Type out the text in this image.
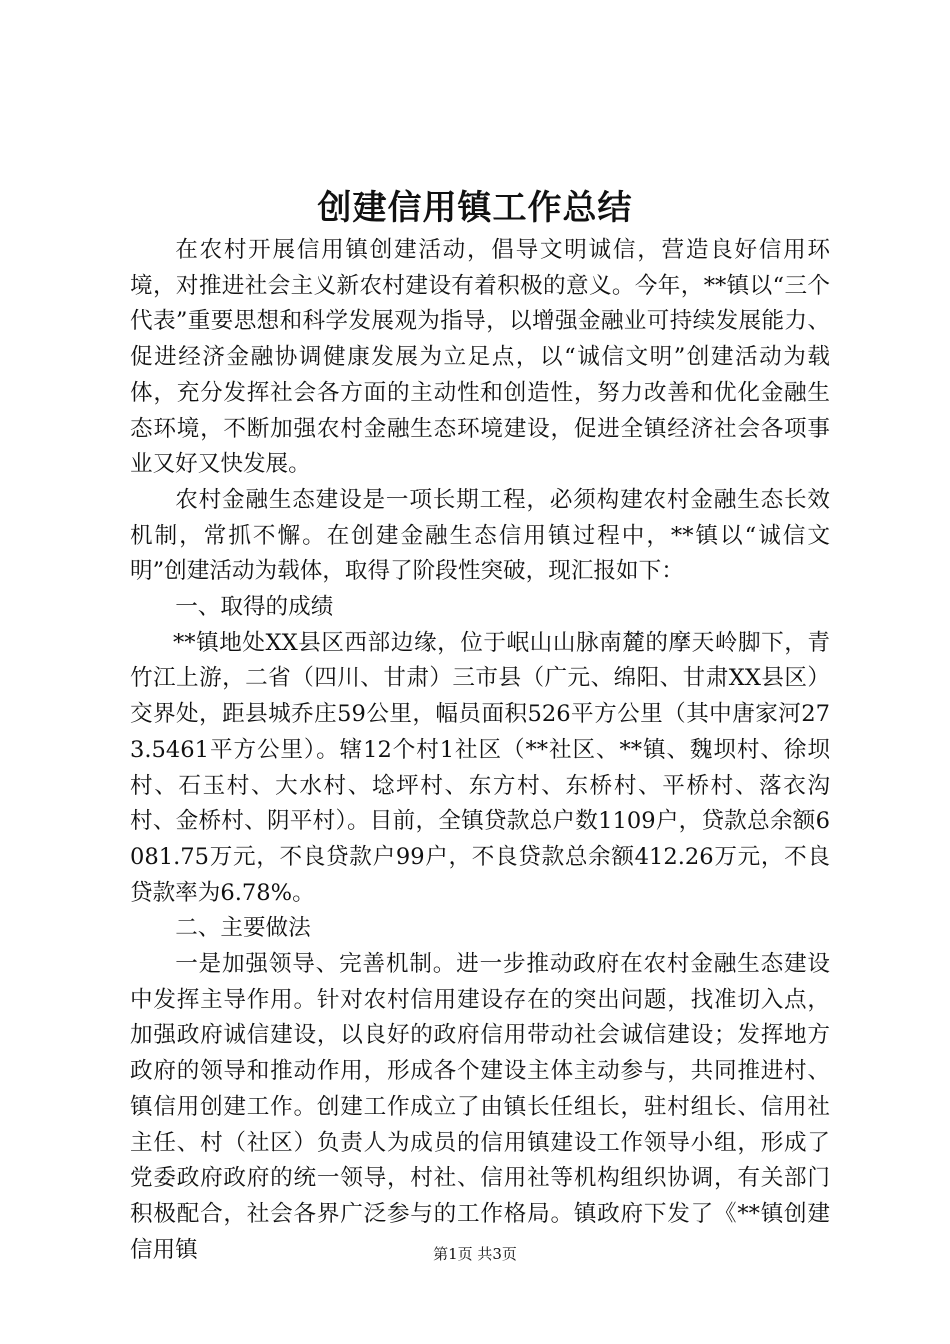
创建信用镇工作总结

在农村开展信用镇创建活动，倡导文明诚信，营造良好信用环境，对推进社会主义新农村建设有着积极的意义。今年，**镇以“三个代表”重要思想和科学发展观为指导，以增强金融业可持续发展能力、促进经济金融协调健康发展为立足点，以“诚信文明”创建活动为载体，充分发挥社会各方面的主动性和创造性，努力改善和优化金融生态环境，不断加强农村金融生态环境建设，促进全镇经济社会各项事业又好又快发展。

农村金融生态建设是一项长期工程，必须构建农村金融生态长效机制，常抓不懈。在创建金融生态信用镇过程中，**镇以“诚信文明”创建活动为载体，取得了阶段性突破，现汇报如下：

一、取得的成绩

**镇地处XX县区西部边缘，位于岷山山脉南麓的摩天岭脚下，青竹江上游，二省（四川、甘肃）三市县（广元、绵阳、甘肃XX县区）交界处，距县城乔庄59公里，幅员面积526平方公里（其中唐家河273.5461平方公里）。辖12个村1社区（**社区、**镇、魏坝村、徐坝村、石玉村、大水村、埝坪村、东方村、东桥村、平桥村、落衣沟村、金桥村、阴平村）。目前，全镇贷款总户数1109户，贷款总余额6081.75万元，不良贷款户99户，不良贷款总余额412.26万元，不良贷款率为6.78%。

二、主要做法

一是加强领导、完善机制。进一步推动政府在农村金融生态建设中发挥主导作用。针对农村信用建设存在的突出问题，找准切入点，加强政府诚信建设，以良好的政府信用带动社会诚信建设；发挥地方政府的领导和推动作用，形成各个建设主体主动参与，共同推进村、镇信用创建工作。创建工作成立了由镇长任组长，驻村组长、信用社主任、村（社区）负责人为成员的信用镇建设工作领导小组，形成了党委政府政府的统一领导，村社、信用社等机构组织协调，有关部门积极配合，社会各界广泛参与的工作格局。镇政府下发了《**镇创建信用镇	第1页 共3页
